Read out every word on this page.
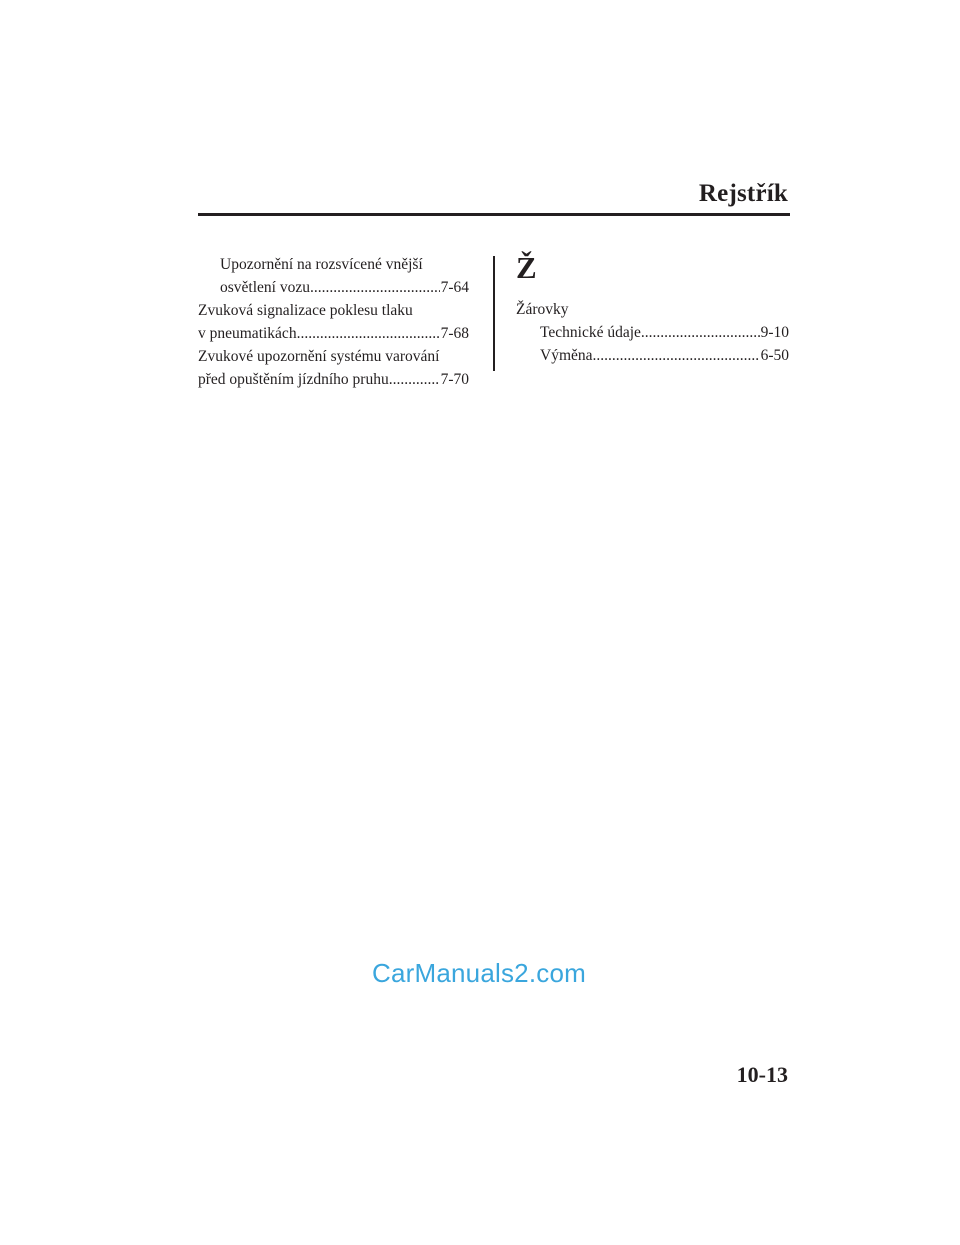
Rejstřík
Upozornění na rozsvícené vnější
osvětlení vozu .....	7-64
Zvuková signalizace poklesu tlaku
v pneumatikách .....	7-68
Zvukové upozornění systému varování
před opuštěním jízdního pruhu .....	7-70
Ž
Žárovky
Technické údaje .....	9-10
Výměna .....	6-50
CarManuals2.com
10-13
